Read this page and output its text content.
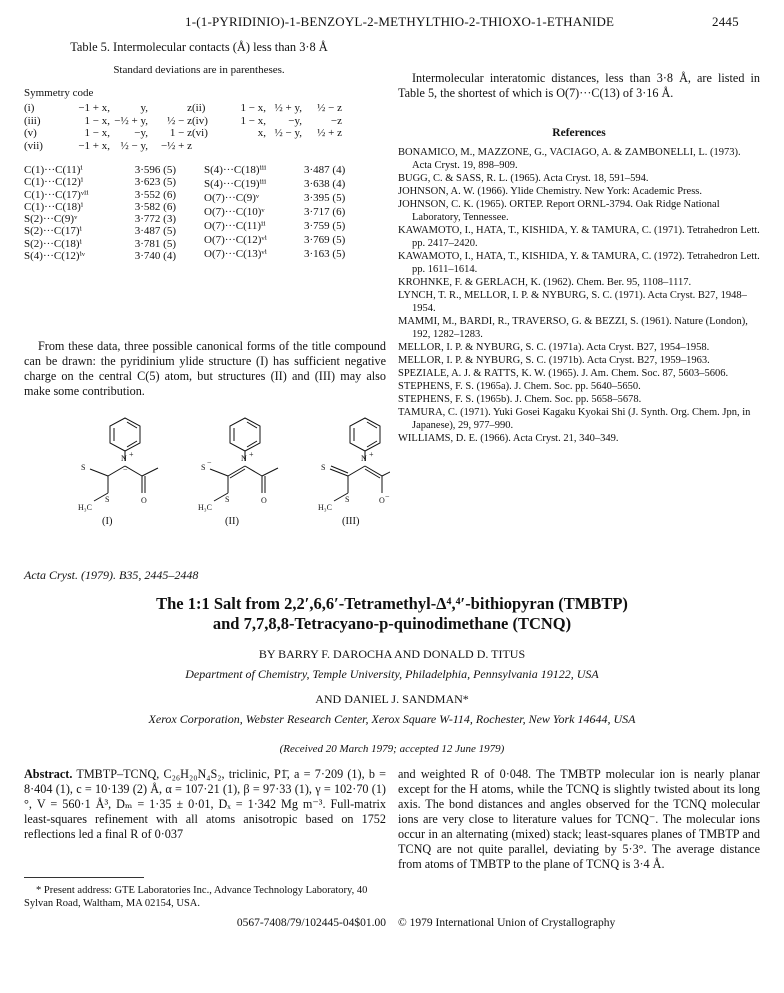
1-(1-PYRIDINIO)-1-BENZOYL-2-METHYLTHIO-2-THIOXO-1-ETHANIDE	2445
Table 5. Intermolecular contacts (Å) less than 3·8 Å
Standard deviations are in parentheses.
Symmetry code
(i)	−1 + x,	y,	z	(ii)	1 − x,	½ + y,	½ − z
(iii)	1 − x,	−½ + y,	½ − z	(iv)	1 − x,	−y,	−z
(v)	1 − x,	−y,	1 − z	(vi)	x,	½ − y,	½ + z
(vii)	−1 + x,	½ − y,	−½ + z				
C(1)···C(11)ⁱ	3·596 (5)
C(1)···C(12)ⁱ	3·623 (5)
C(1)···C(17)ᵛⁱⁱ	3·552 (6)
C(1)···C(18)ⁱ	3·582 (6)
S(2)···C(9)ᵛ	3·772 (3)
S(2)···C(17)ⁱ	3·487 (5)
S(2)···C(18)ⁱ	3·781 (5)
S(4)···C(12)ⁱᵛ	3·740 (4)
S(4)···C(18)ⁱⁱⁱ	3·487 (4)
S(4)···C(19)ⁱⁱⁱ	3·638 (4)
O(7)···C(9)ᵛ	3·395 (5)
O(7)···C(10)ᵛ	3·717 (6)
O(7)···C(11)ⁱⁱ	3·759 (5)
O(7)···C(12)ᵛⁱ	3·769 (5)
O(7)···C(13)ᵛⁱ	3·163 (5)
From these data, three possible canonical forms of the title compound can be drawn: the pyridinium ylide structure (I) has sufficient negative charge on the central C(5) atom, but structures (II) and (III) may also make some contribution.
N +
S
S
H₃C
O
−
N +
S
−
S
H₃C
O
N +
S
S
H₃C
O −
(I)	(II)	(III)
Intermolecular interatomic distances, less than 3·8 Å, are listed in Table 5, the shortest of which is O(7)···C(13) of 3·16 Å.
References
BONAMICO, M., MAZZONE, G., VACIAGO, A. & ZAMBONELLI, L. (1973). Acta Cryst. 19, 898–909.
BUGG, C. & SASS, R. L. (1965). Acta Cryst. 18, 591–594.
JOHNSON, A. W. (1966). Ylide Chemistry. New York: Academic Press.
JOHNSON, C. K. (1965). ORTEP. Report ORNL-3794. Oak Ridge National Laboratory, Tennessee.
KAWAMOTO, I., HATA, T., KISHIDA, Y. & TAMURA, C. (1971). Tetrahedron Lett. pp. 2417–2420.
KAWAMOTO, I., HATA, T., KISHIDA, Y. & TAMURA, C. (1972). Tetrahedron Lett. pp. 1611–1614.
KROHNKE, F. & GERLACH, K. (1962). Chem. Ber. 95, 1108–1117.
LYNCH, T. R., MELLOR, I. P. & NYBURG, S. C. (1971). Acta Cryst. B27, 1948–1954.
MAMMI, M., BARDI, R., TRAVERSO, G. & BEZZI, S. (1961). Nature (London), 192, 1282–1283.
MELLOR, I. P. & NYBURG, S. C. (1971a). Acta Cryst. B27, 1954–1958.
MELLOR, I. P. & NYBURG, S. C. (1971b). Acta Cryst. B27, 1959–1963.
SPEZIALE, A. J. & RATTS, K. W. (1965). J. Am. Chem. Soc. 87, 5603–5606.
STEPHENS, F. S. (1965a). J. Chem. Soc. pp. 5640–5650.
STEPHENS, F. S. (1965b). J. Chem. Soc. pp. 5658–5678.
TAMURA, C. (1971). Yuki Gosei Kagaku Kyokai Shi (J. Synth. Org. Chem. Jpn, in Japanese), 29, 977–990.
WILLIAMS, D. E. (1966). Acta Cryst. 21, 340–349.
Acta Cryst. (1979). B35, 2445–2448
The 1:1 Salt from 2,2′,6,6′-Tetramethyl-Δ⁴,⁴′-bithiopyran (TMBTP)
and 7,7,8,8-Tetracyano-p-quinodimethane (TCNQ)
BY BARRY F. DAROCHA AND DONALD D. TITUS
Department of Chemistry, Temple University, Philadelphia, Pennsylvania 19122, USA
AND DANIEL J. SANDMAN*
Xerox Corporation, Webster Research Center, Xerox Square W-114, Rochester, New York 14644, USA
(Received 20 March 1979; accepted 12 June 1979)
Abstract. TMBTP–TCNQ, C₂₆H₂₀N₄S₂, triclinic, P1̄, a = 7·209 (1), b = 8·404 (1), c = 10·139 (2) Å, α = 107·21 (1), β = 97·33 (1), γ = 102·70 (1)°, V = 560·1 Å³, Dₘ = 1·35 ± 0·01, Dₓ = 1·342 Mg m⁻³. Full-matrix least-squares refinement with all atoms anisotropic based on 1752 reflections led a final R of 0·037
and weighted R of 0·048. The TMBTP molecular ion is nearly planar except for the H atoms, while the TCNQ is slightly twisted about its long axis. The bond distances and angles observed for the TCNQ molecular ions are very close to literature values for TCNQ⁻. The molecular ions occur in an alternating (mixed) stack; least-squares planes of TMBTP and TCNQ are not quite parallel, deviating by 5·3°. The average distance from atoms of TMBTP to the plane of TCNQ is 3·4 Å.
* Present address: GTE Laboratories Inc., Advance Technology Laboratory, 40 Sylvan Road, Waltham, MA 02154, USA.
0567-7408/79/102445-04$01.00 © 1979 International Union of Crystallography
